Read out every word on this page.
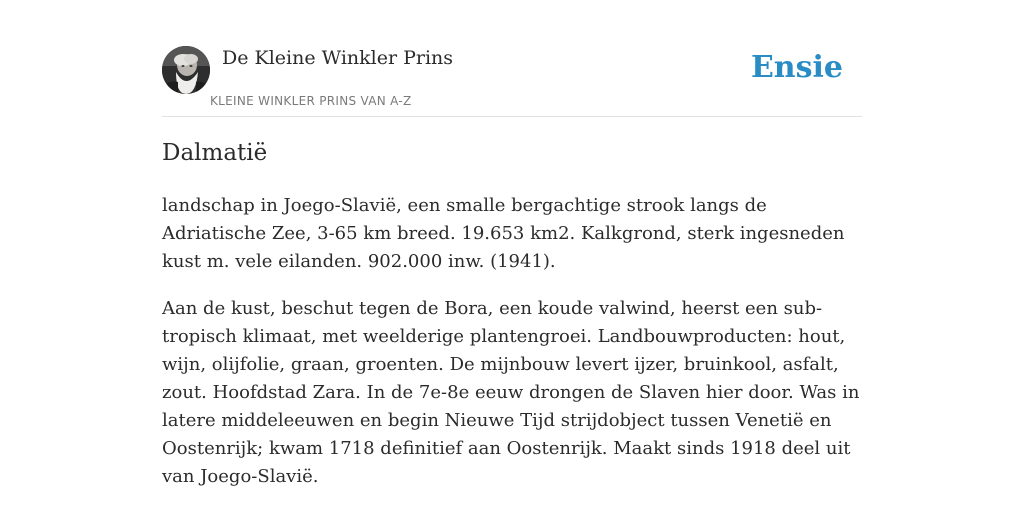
De Kleine Winkler Prins
KLEINE WINKLER PRINS VAN A-Z
Ensie
Dalmatië

landschap in Joego-Slavië, een smalle bergachtige strook langs de Adriatische Zee, 3-65 km breed. 19.653 km2. Kalkgrond, sterk ingesneden kust m. vele eilanden. 902.000 inw. (1941).

Aan de kust, beschut tegen de Bora, een koude valwind, heerst een sub-tropisch klimaat, met weelderige plantengroei. Landbouwproducten: hout, wijn, olijfolie, graan, groenten. De mijnbouw levert ijzer, bruinkool, asfalt, zout. Hoofdstad Zara. In de 7e-8e eeuw drongen de Slaven hier door. Was in latere middeleeuwen en begin Nieuwe Tijd strijdobject tussen Venetië en Oostenrijk; kwam 1718 definitief aan Oostenrijk. Maakt sinds 1918 deel uit van Joego-Slavië.
